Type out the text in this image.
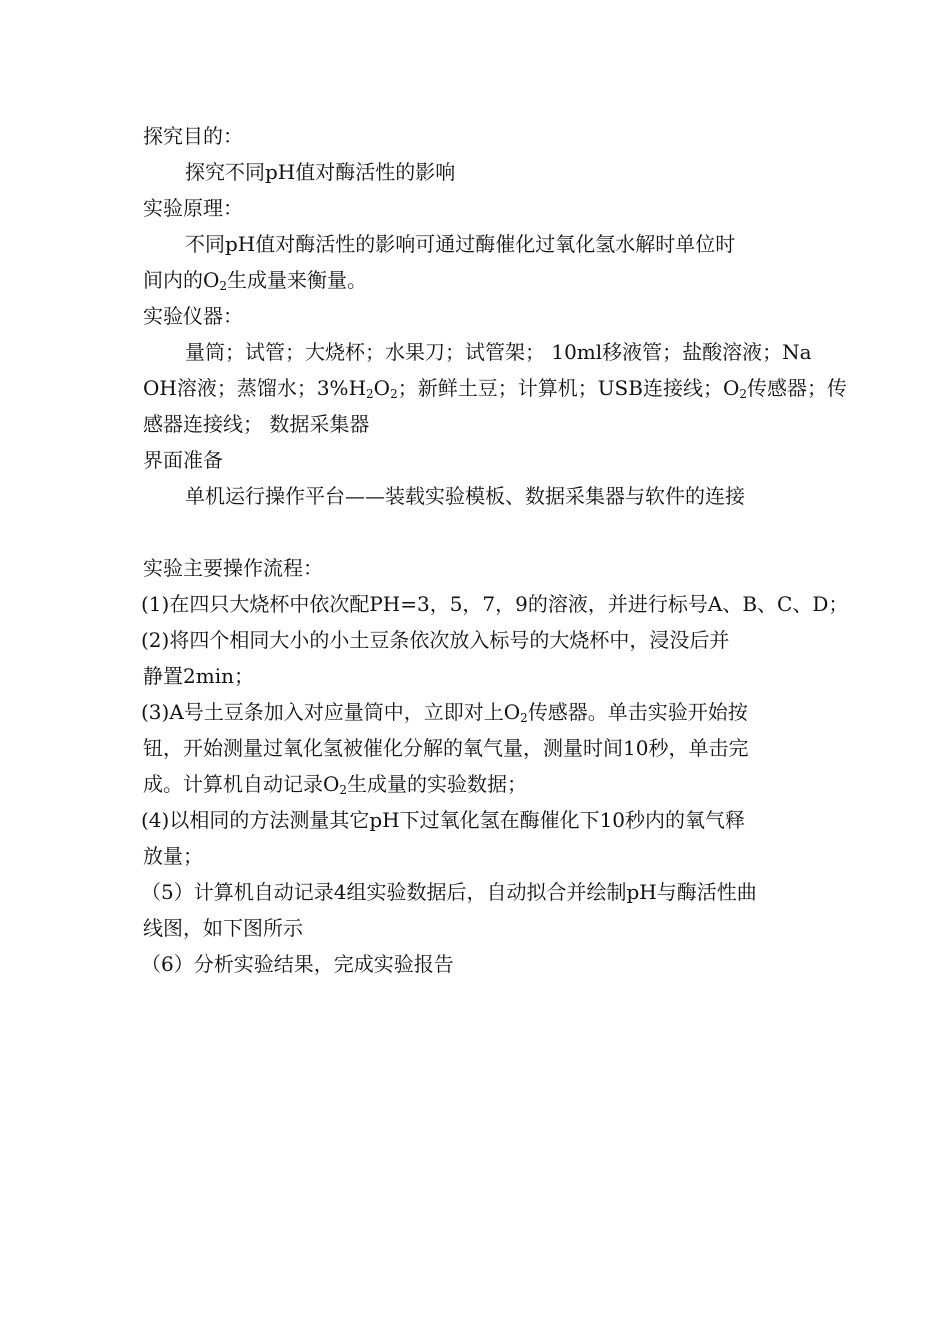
探究目的：
探究不同pH值对酶活性的影响
实验原理：
不同pH值对酶活性的影响可通过酶催化过氧化氢水解时单位时
间内的$O_2$生成量来衡量。
实验仪器：
量筒；试管；大烧杯；水果刀；试管架； 10ml移液管；盐酸溶液；Na
OH溶液；蒸馏水；$3\%H_2O_2$；新鲜土豆；计算机；USB连接线；$O_2$传感器；传
感器连接线； 数据采集器
界面准备
单机运行操作平台——装载实验模板、数据采集器与软件的连接
实验主要操作流程：
(1)在四只大烧杯中依次配PH=3，5，7，9的溶液，并进行标号A、B、C、D；
(2)将四个相同大小的小土豆条依次放入标号的大烧杯中，浸没后并
静置2min；
(3)A号土豆条加入对应量筒中，立即对上$O_2$传感器。单击实验开始按
钮，开始测量过氧化氢被催化分解的氧气量，测量时间10秒，单击完
成。计算机自动记录$O_2$生成量的实验数据；
(4)以相同的方法测量其它pH下过氧化氢在酶催化下10秒内的氧气释
放量；
（5）计算机自动记录4组实验数据后，自动拟合并绘制pH与酶活性曲
线图，如下图所示
（6）分析实验结果，完成实验报告
